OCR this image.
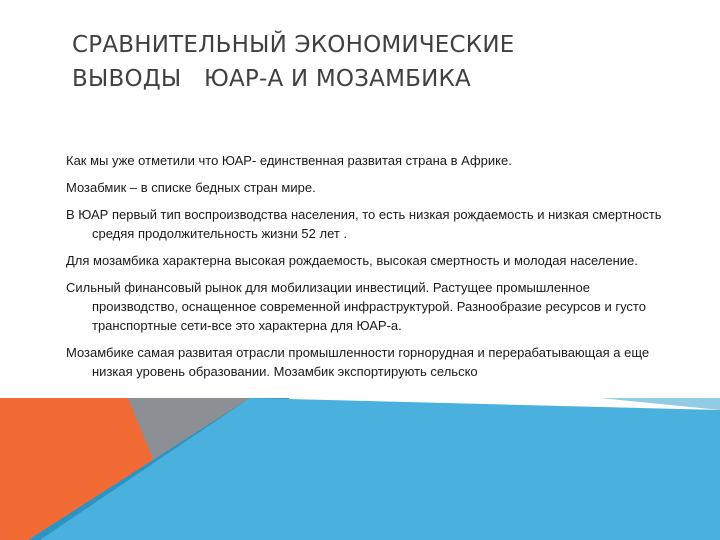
СРАВНИТЕЛЬНЫЙ ЭКОНОМИЧЕСКИЕ
ВЫВОДЫ   ЮАР-А И МОЗАМБИКА
Как мы уже отметили что ЮАР- единственная развитая страна в Африке.
Мозабмик – в списке бедных стран мире.
В ЮАР первый тип воспроизводства населения, то есть низкая рождаемость и низкая смертность средяя продолжительность жизни 52 лет .
Для мозамбика характерна высокая рождаемость, высокая смертность и молодая население.
Сильный финансовый рынок для мобилизации инвестиций. Растущее промышленное производство, оснащенное современной инфраструктурой. Разнообразие ресурсов и густо транспортные сети-все это характерна для ЮАР-а.
Мозамбике самая развитая отрасли промышленности горнорудная и перерабатывающая а еще низкая уровень образовании. Мозамбик экспортирують сельско
